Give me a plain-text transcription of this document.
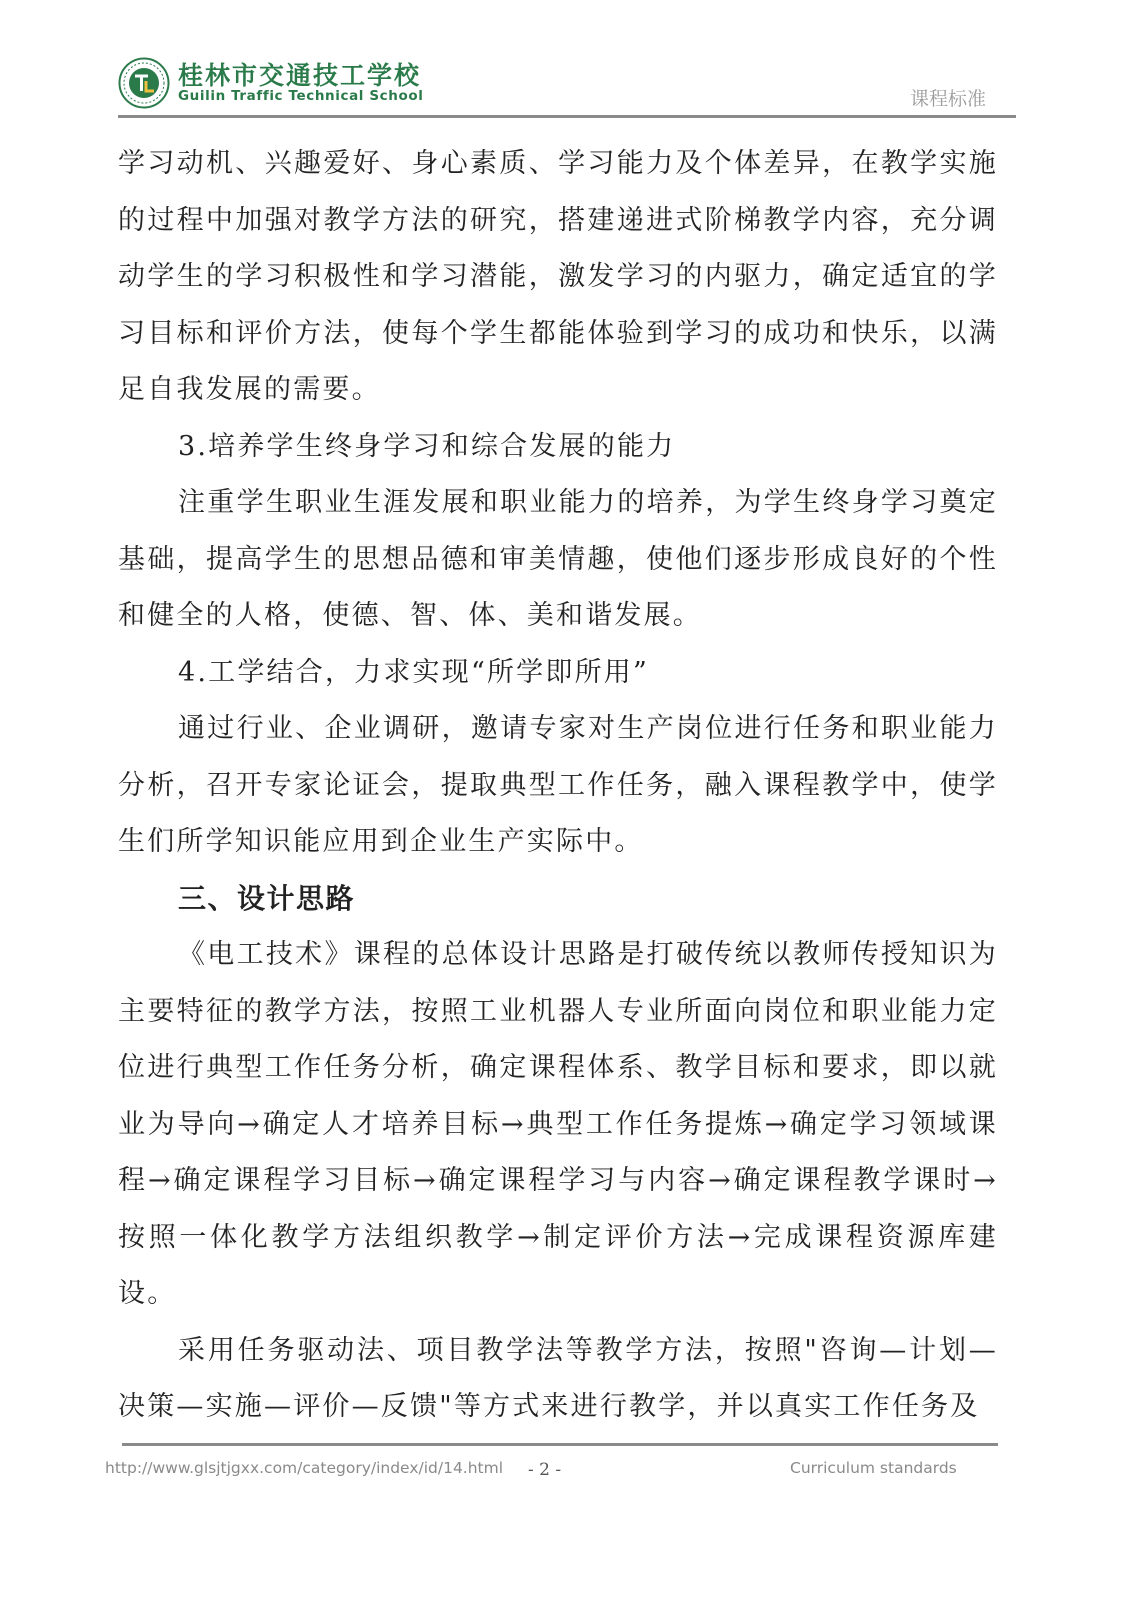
桂林市交通技工学校
Guilin Traffic Technical School	课程标准

学习动机、兴趣爱好、身心素质、学习能力及个体差异，在教学实施的过程中加强对教学方法的研究，搭建递进式阶梯教学内容，充分调动学生的学习积极性和学习潜能，激发学习的内驱力，确定适宜的学习目标和评价方法，使每个学生都能体验到学习的成功和快乐，以满足自我发展的需要。

3.培养学生终身学习和综合发展的能力

注重学生职业生涯发展和职业能力的培养，为学生终身学习奠定基础，提高学生的思想品德和审美情趣，使他们逐步形成良好的个性和健全的人格，使德、智、体、美和谐发展。

4.工学结合，力求实现“所学即所用”

通过行业、企业调研，邀请专家对生产岗位进行任务和职业能力分析，召开专家论证会，提取典型工作任务，融入课程教学中，使学生们所学知识能应用到企业生产实际中。

三、设计思路

《电工技术》课程的总体设计思路是打破传统以教师传授知识为主要特征的教学方法，按照工业机器人专业所面向岗位和职业能力定位进行典型工作任务分析，确定课程体系、教学目标和要求，即以就业为导向→确定人才培养目标→典型工作任务提炼→确定学习领域课程→确定课程学习目标→确定课程学习与内容→确定课程教学课时→按照一体化教学方法组织教学→制定评价方法→完成课程资源库建设。

采用任务驱动法、项目教学法等教学方法，按照"咨询—计划—决策—实施—评价—反馈"等方式来进行教学，并以真实工作任务及

http://www.glsjtjgxx.com/category/index/id/14.html - 2 -	Curriculum standards
